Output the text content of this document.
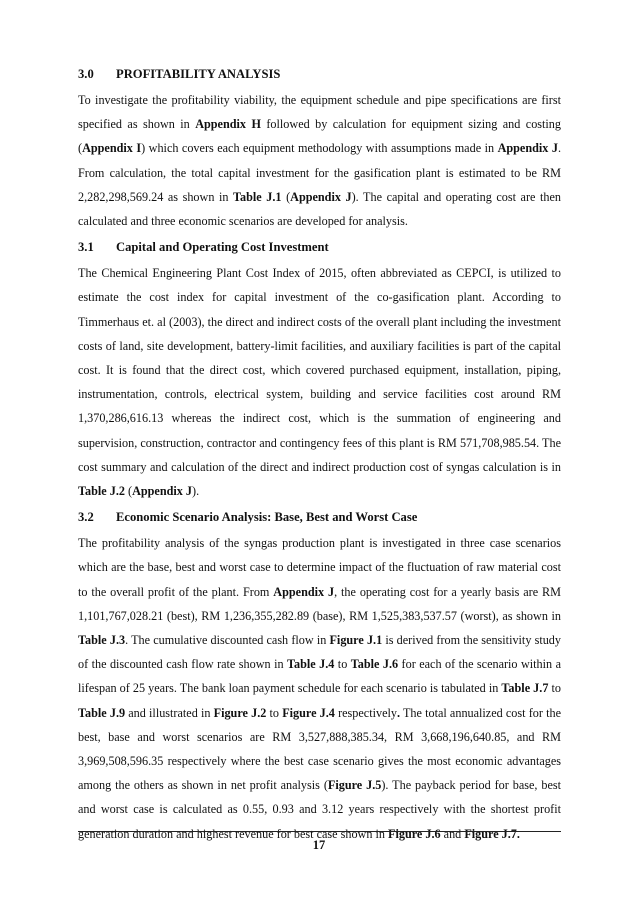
3.0 PROFITABILITY ANALYSIS

To investigate the profitability viability, the equipment schedule and pipe specifications are first specified as shown in Appendix H followed by calculation for equipment sizing and costing (Appendix I) which covers each equipment methodology with assumptions made in Appendix J. From calculation, the total capital investment for the gasification plant is estimated to be RM 2,282,298,569.24 as shown in Table J.1 (Appendix J). The capital and operating cost are then calculated and three economic scenarios are developed for analysis.

3.1 Capital and Operating Cost Investment

The Chemical Engineering Plant Cost Index of 2015, often abbreviated as CEPCI, is utilized to estimate the cost index for capital investment of the co-gasification plant. According to Timmerhaus et. al (2003), the direct and indirect costs of the overall plant including the investment costs of land, site development, battery-limit facilities, and auxiliary facilities is part of the capital cost. It is found that the direct cost, which covered purchased equipment, installation, piping, instrumentation, controls, electrical system, building and service facilities cost around RM 1,370,286,616.13 whereas the indirect cost, which is the summation of engineering and supervision, construction, contractor and contingency fees of this plant is RM 571,708,985.54. The cost summary and calculation of the direct and indirect production cost of syngas calculation is in Table J.2 (Appendix J).

3.2 Economic Scenario Analysis: Base, Best and Worst Case

The profitability analysis of the syngas production plant is investigated in three case scenarios which are the base, best and worst case to determine impact of the fluctuation of raw material cost to the overall profit of the plant. From Appendix J, the operating cost for a yearly basis are RM 1,101,767,028.21 (best), RM 1,236,355,282.89 (base), RM 1,525,383,537.57 (worst), as shown in Table J.3. The cumulative discounted cash flow in Figure J.1 is derived from the sensitivity study of the discounted cash flow rate shown in Table J.4 to Table J.6 for each of the scenario within a lifespan of 25 years. The bank loan payment schedule for each scenario is tabulated in Table J.7 to Table J.9 and illustrated in Figure J.2 to Figure J.4 respectively. The total annualized cost for the best, base and worst scenarios are RM 3,527,888,385.34, RM 3,668,196,640.85, and RM 3,969,508,596.35 respectively where the best case scenario gives the most economic advantages among the others as shown in net profit analysis (Figure J.5). The payback period for base, best and worst case is calculated as 0.55, 0.93 and 3.12 years respectively with the shortest profit generation duration and highest revenue for best case shown in Figure J.6 and Figure J.7.

17
